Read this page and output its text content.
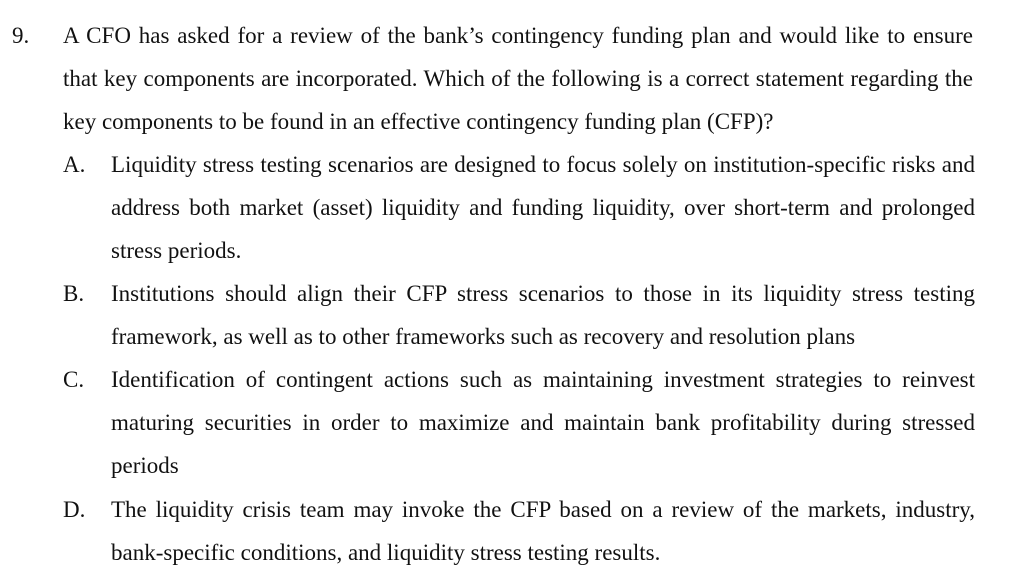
9. A CFO has asked for a review of the bank’s contingency funding plan and would like to ensure that key components are incorporated. Which of the following is a correct statement regarding the key components to be found in an effective contingency funding plan (CFP)?
A. Liquidity stress testing scenarios are designed to focus solely on institution-specific risks and address both market (asset) liquidity and funding liquidity, over short-term and prolonged stress periods.
B. Institutions should align their CFP stress scenarios to those in its liquidity stress testing framework, as well as to other frameworks such as recovery and resolution plans
C. Identification of contingent actions such as maintaining investment strategies to reinvest maturing securities in order to maximize and maintain bank profitability during stressed periods
D. The liquidity crisis team may invoke the CFP based on a review of the markets, industry, bank-specific conditions, and liquidity stress testing results.
